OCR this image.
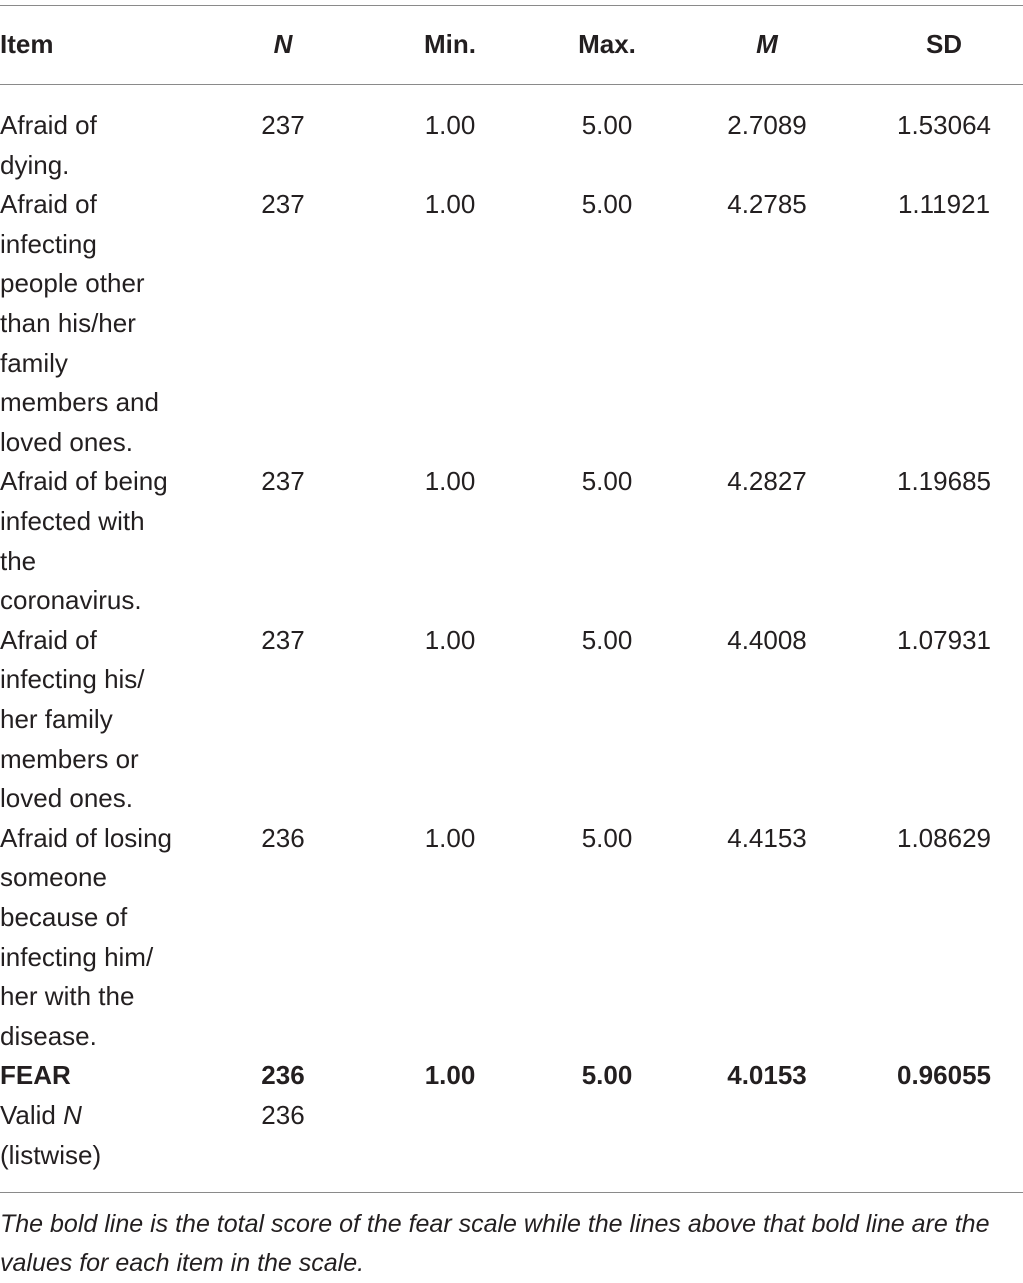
Item	N	Min.	Max.	M	SD
Afraid of
dying.
237	1.00	5.00	2.7089	1.53064
Afraid of
infecting
people other
than his/her
family
members and
loved ones.
237	1.00	5.00	4.2785	1.11921
Afraid of being
infected with
the
coronavirus.
237	1.00	5.00	4.2827	1.19685
Afraid of
infecting his/
her family
members or
loved ones.
237	1.00	5.00	4.4008	1.07931
Afraid of losing
someone
because of
infecting him/
her with the
disease.
236	1.00	5.00	4.4153	1.08629
FEAR	236	1.00	5.00	4.0153	0.96055
Valid N
(listwise)
236
The bold line is the total score of the fear scale while the lines above that bold line are the values for each item in the scale.
